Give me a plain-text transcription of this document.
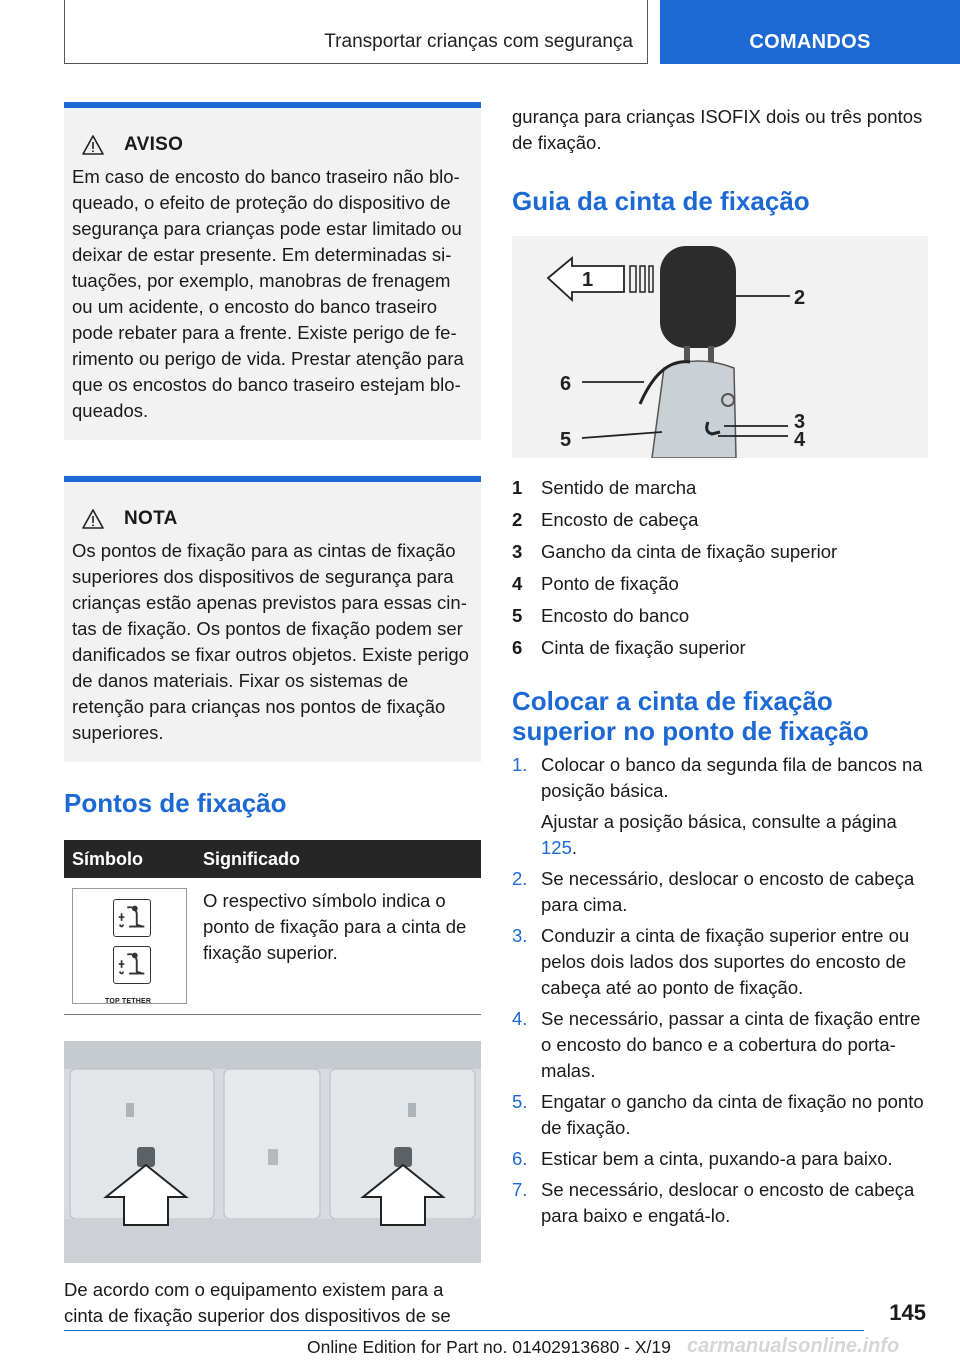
Transportar crianças com segurança	COMANDOS
AVISO

Em caso de encosto do banco traseiro não bloqueado, o efeito de proteção do dispositivo de segurança para crianças pode estar limitado ou deixar de estar presente. Em determinadas situações, por exemplo, manobras de frenagem ou um acidente, o encosto do banco traseiro pode rebater para a frente. Existe perigo de ferimento ou perigo de vida. Prestar atenção para que os encostos do banco traseiro estejam bloqueados.

NOTA

Os pontos de fixação para as cintas de fixação superiores dos dispositivos de segurança para crianças estão apenas previstos para essas cintas de fixação. Os pontos de fixação podem ser danificados se fixar outros objetos. Existe perigo de danos materiais. Fixar os sistemas de retenção para crianças nos pontos de fixação superiores.

Pontos de fixação
Símbolo	Significado

TOP TETHER	O respectivo símbolo indica o ponto de fixação para a cinta de fixação superior.

De acordo com o equipamento existem para a cinta de fixação superior dos dispositivos de se

gurança para crianças ISOFIX dois ou três pontos de fixação.

Guia da cinta de fixação
1
2
3
4
5
6
1	Sentido de marcha
2	Encosto de cabeça
3	Gancho da cinta de fixação superior
4	Ponto de fixação
5	Encosto do banco
6	Cinta de fixação superior
Colocar a cinta de fixação superior no ponto de fixação
1. Colocar o banco da segunda fila de bancos na posição básica.
Ajustar a posição básica, consulte a página
125.
2. Se necessário, deslocar o encosto de cabeça para cima.
3. Conduzir a cinta de fixação superior entre ou pelos dois lados dos suportes do encosto de cabeça até ao ponto de fixação.
4. Se necessário, passar a cinta de fixação entre o encosto do banco e a cobertura do porta-malas.
5. Engatar o gancho da cinta de fixação no ponto de fixação.
6. Esticar bem a cinta, puxando-a para baixo.
7. Se necessário, deslocar o encosto de cabeça para baixo e engatá-lo.
145
Online Edition for Part no. 01402913680 - X/19 carmanualsonline.info
